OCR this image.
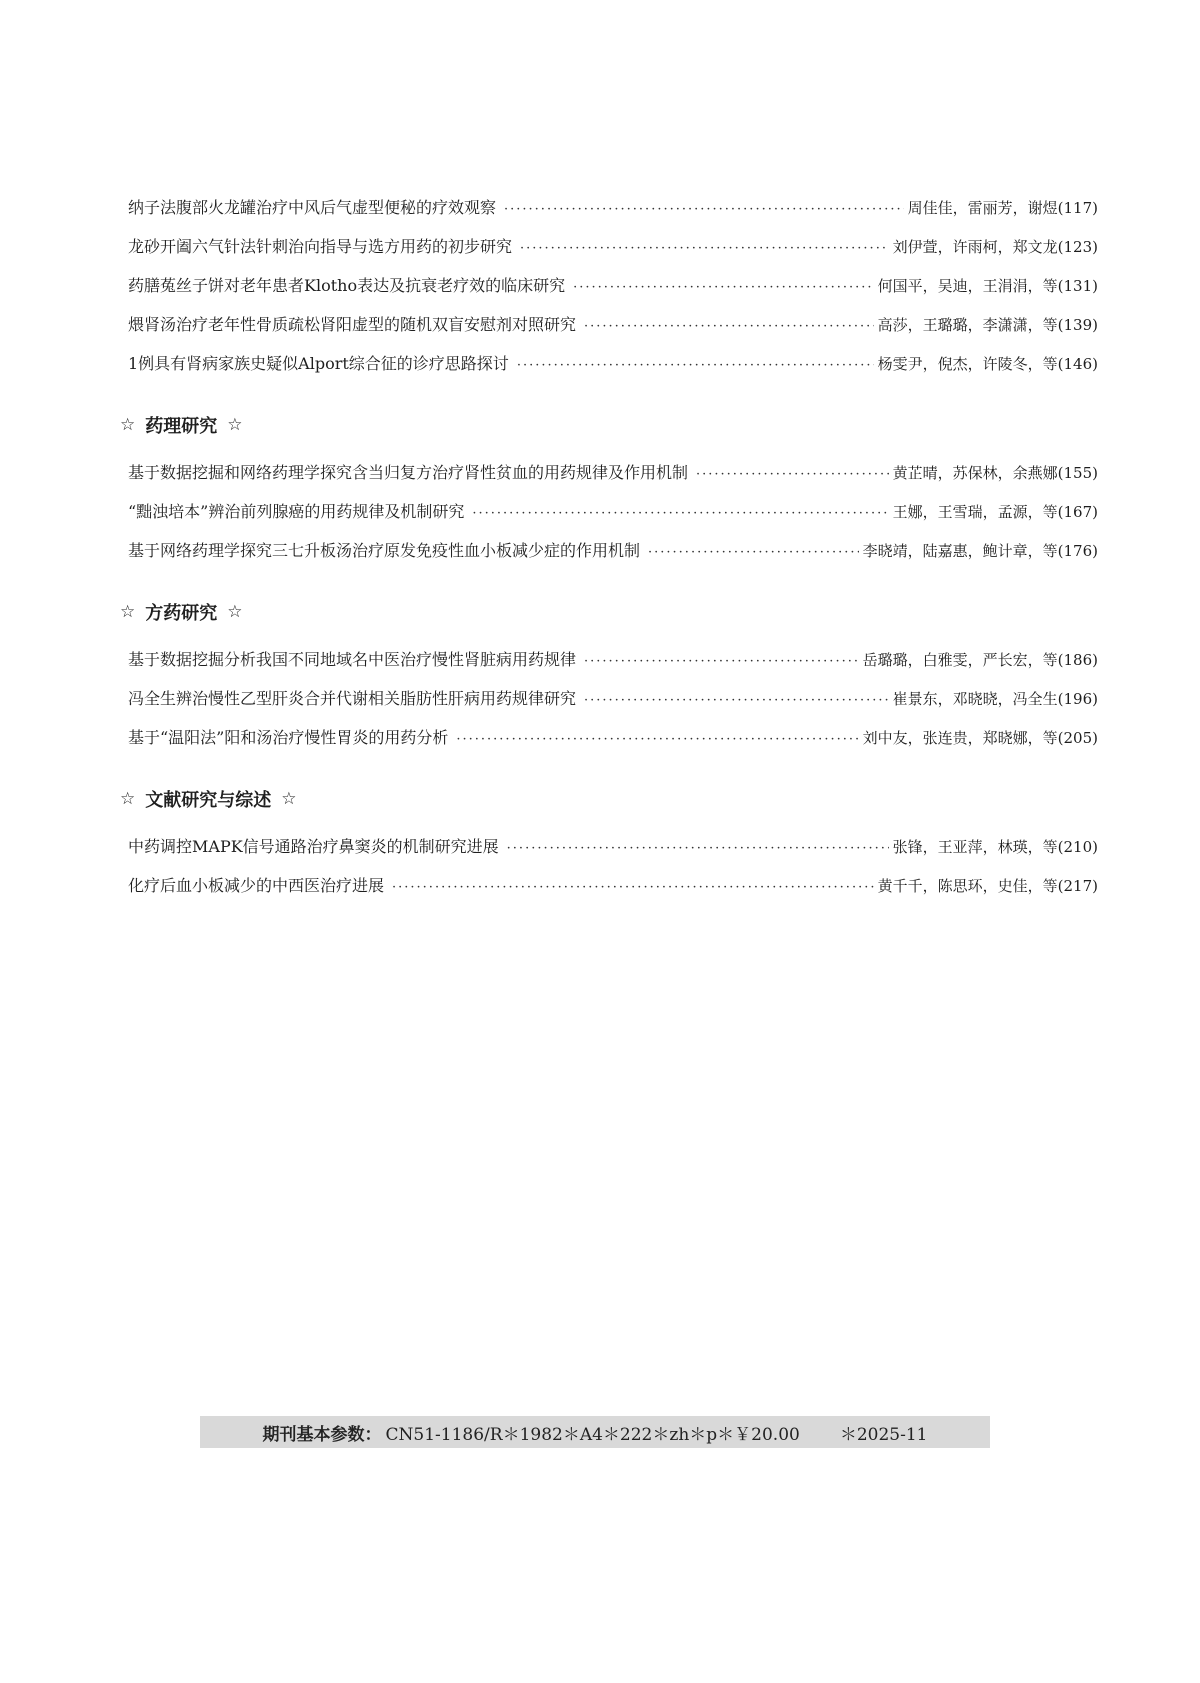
纳子法腹部火龙罐治疗中风后气虚型便秘的疗效观察 ·····	周佳佳，雷丽芳，谢煜 (117)
龙砂开阖六气针法针刺治向指导与选方用药的初步研究 ·····	刘伊萱，许雨柯，郑文龙 (123)
药膳菟丝子饼对老年患者Klotho表达及抗衰老疗效的临床研究 ·····	何国平，吴迪，王涓涓，等 (131)
煨肾汤治疗老年性骨质疏松肾阳虚型的随机双盲安慰剂对照研究 ·····	高莎，王璐璐，李潇潇，等 (139)
1例具有肾病家族史疑似Alport综合征的诊疗思路探讨 ·····	杨雯尹，倪杰，许陵冬，等 (146)
☆ 药理研究 ☆
基于数据挖掘和网络药理学探究含当归复方治疗肾性贫血的用药规律及作用机制 ·····	黄芷晴，苏保林，余燕娜 (155)
“黜浊培本”辨治前列腺癌的用药规律及机制研究 ·····	王娜，王雪瑞，孟源，等 (167)
基于网络药理学探究三七升板汤治疗原发免疫性血小板减少症的作用机制 ·····	李晓靖，陆嘉惠，鲍计章，等 (176)
☆ 方药研究 ☆
基于数据挖掘分析我国不同地域名中医治疗慢性肾脏病用药规律 ·····	岳璐璐，白雅雯，严长宏，等 (186)
冯全生辨治慢性乙型肝炎合并代谢相关脂肪性肝病用药规律研究 ·····	崔景东，邓晓晓，冯全生 (196)
基于“温阳法”阳和汤治疗慢性胃炎的用药分析 ·····	刘中友，张连贵，郑晓娜，等 (205)
☆ 文献研究与综述 ☆
中药调控MAPK信号通路治疗鼻窦炎的机制研究进展 ·····	张锋，王亚萍，林瑛，等 (210)
化疗后血小板减少的中西医治疗进展 ·····	黄千千，陈思环，史佳，等 (217)
期刊基本参数： CN51-1186/R＊1982＊A4＊222＊zh＊p＊￥20.00 ＊2025-11
